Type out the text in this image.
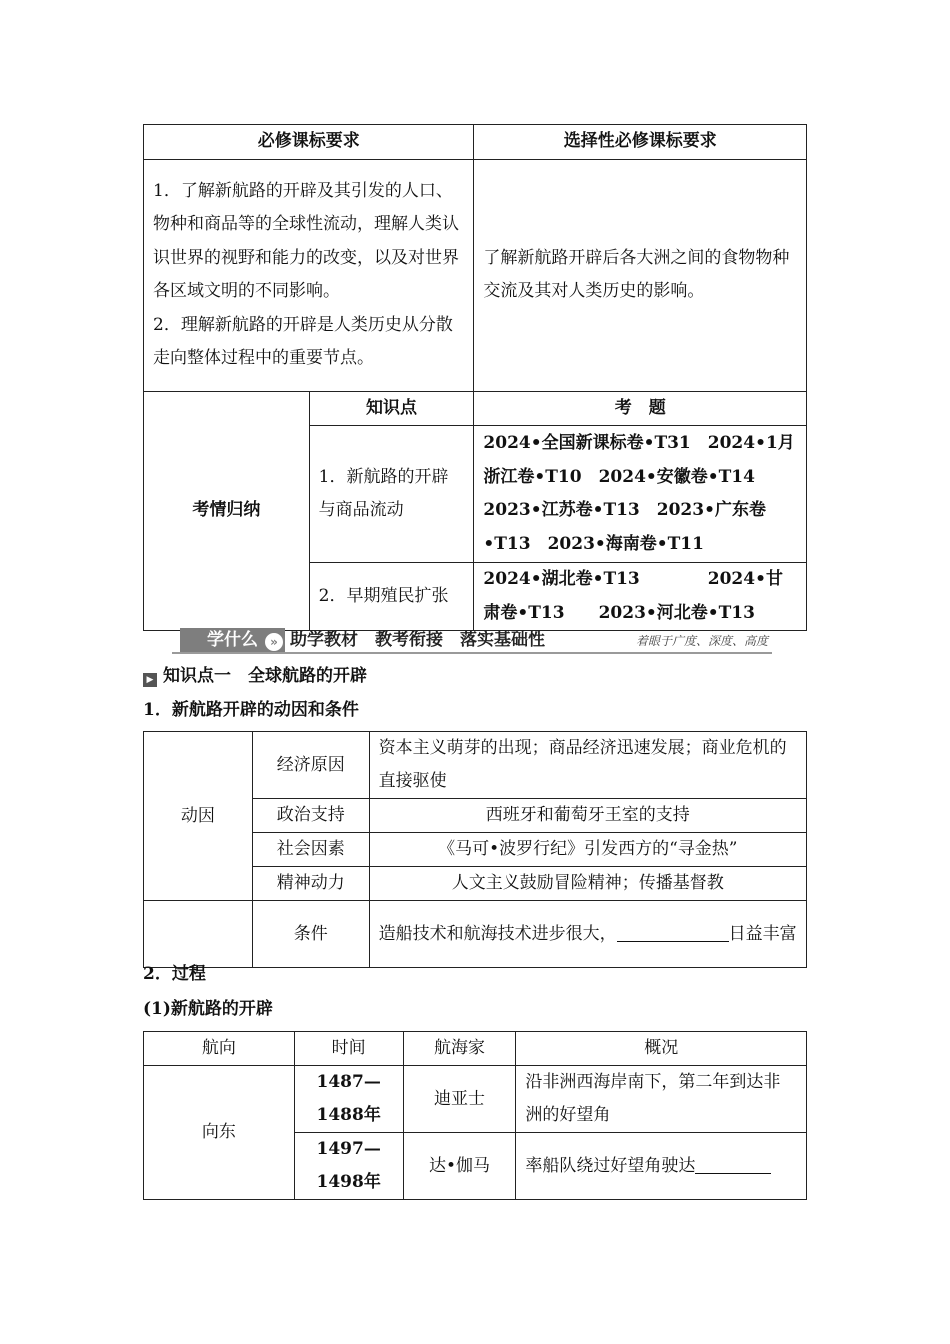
必修课标要求		选择性必修课标要求

1．了解新航路的开辟及其引发的人口、物种和商品等的全球性流动，理解人类认识世界的视野和能力的改变，以及对世界各区域文明的不同影响。
2．理解新航路的开辟是人类历史从分散走向整体过程中的重要节点。		了解新航路开辟后各大洲之间的食物物种交流及其对人类历史的影响。
考情归纳	知识点	考　题
	1．新航路的开辟与商品流动	2024•全国新课标卷•T31　2024•1月浙江卷•T10　2024•安徽卷•T14　2023•江苏卷•T13　2023•广东卷•T13　2023•海南卷•T11
	2．早期殖民扩张	2024•湖北卷•T13　　　　2024•甘肃卷•T13　　2023•河北卷•T13
学什么	» 助学教材　教考衔接　落实基础性	着眼于广度、深度、高度
▶ 知识点一　全球航路的开辟
1．新航路开辟的动因和条件
动因	经济原因	资本主义萌芽的出现；商品经济迅速发展；商业危机的直接驱使
	政治支持	西班牙和葡萄牙王室的支持
	社会因素	《马可•波罗行纪》引发西方的“寻金热”
	精神动力	人文主义鼓励冒险精神；传播基督教
	条件	造船技术和航海技术进步很大， 日益丰富
2．过程
(1)新航路的开辟
航向	时间	航海家	概况
向东	1487—1488年	迪亚士	沿非洲西海岸南下，第二年到达非洲的好望角
	1497—1498年	达•伽马	率船队绕过好望角驶达
